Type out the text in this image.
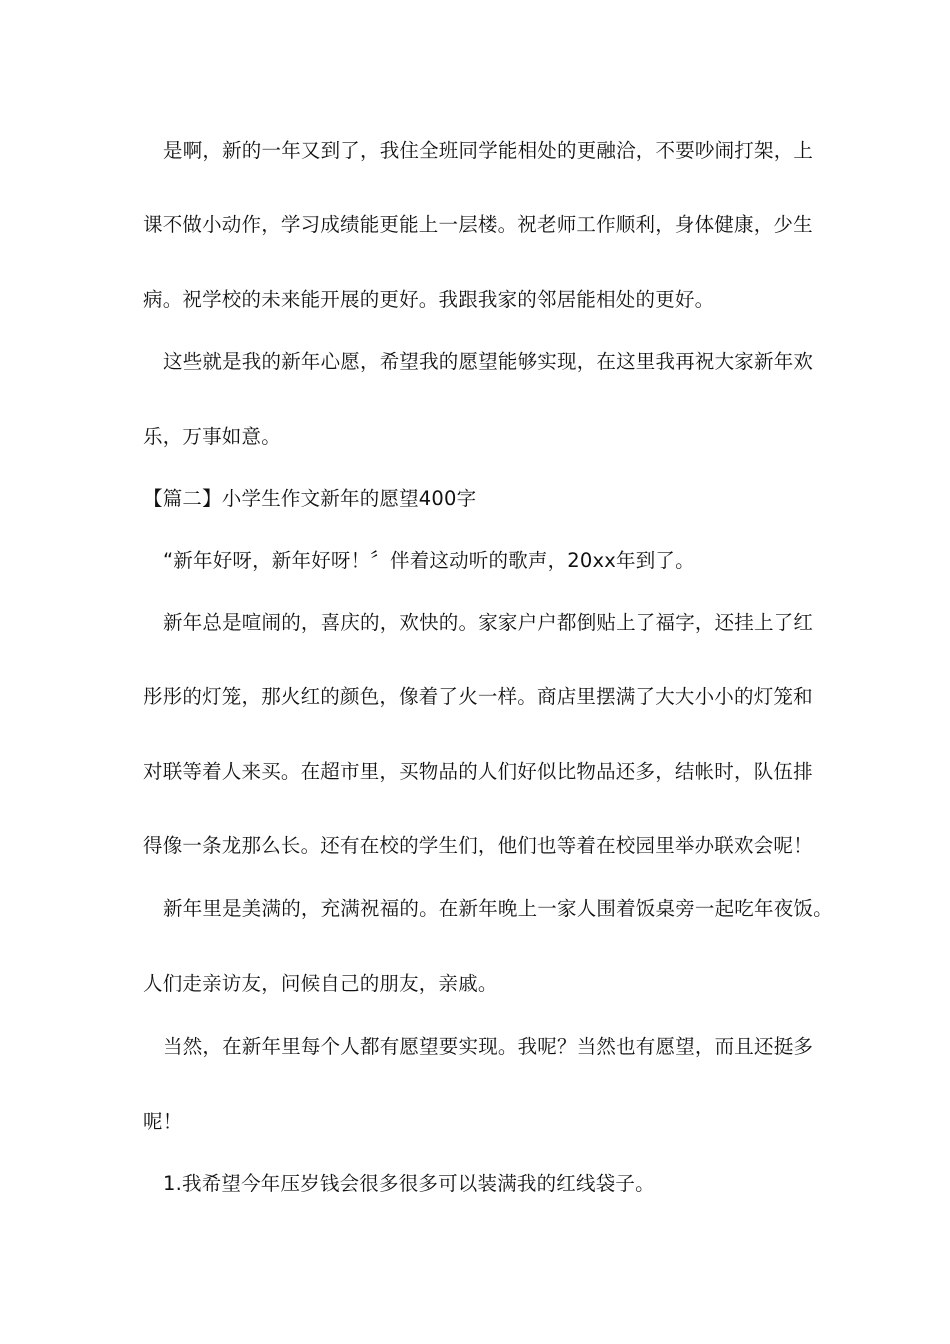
是啊，新的一年又到了，我住全班同学能相处的更融洽，不要吵闹打架，上
课不做小动作，学习成绩能更能上一层楼。祝老师工作顺利，身体健康，少生
病。祝学校的未来能开展的更好。我跟我家的邻居能相处的更好。
这些就是我的新年心愿，希望我的愿望能够实现，在这里我再祝大家新年欢
乐，万事如意。
【篇二】小学生作文新年的愿望400字
“新年好呀，新年好呀！〞伴着这动听的歌声，20xx年到了。
新年总是喧闹的，喜庆的，欢快的。家家户户都倒贴上了福字，还挂上了红
彤彤的灯笼，那火红的颜色，像着了火一样。商店里摆满了大大小小的灯笼和
对联等着人来买。在超市里，买物品的人们好似比物品还多，结帐时，队伍排
得像一条龙那么长。还有在校的学生们，他们也等着在校园里举办联欢会呢！
新年里是美满的，充满祝福的。在新年晚上一家人围着饭桌旁一起吃年夜饭。
人们走亲访友，问候自己的朋友，亲戚。
当然，在新年里每个人都有愿望要实现。我呢？当然也有愿望，而且还挺多
呢！
1.我希望今年压岁钱会很多很多可以装满我的红线袋子。
